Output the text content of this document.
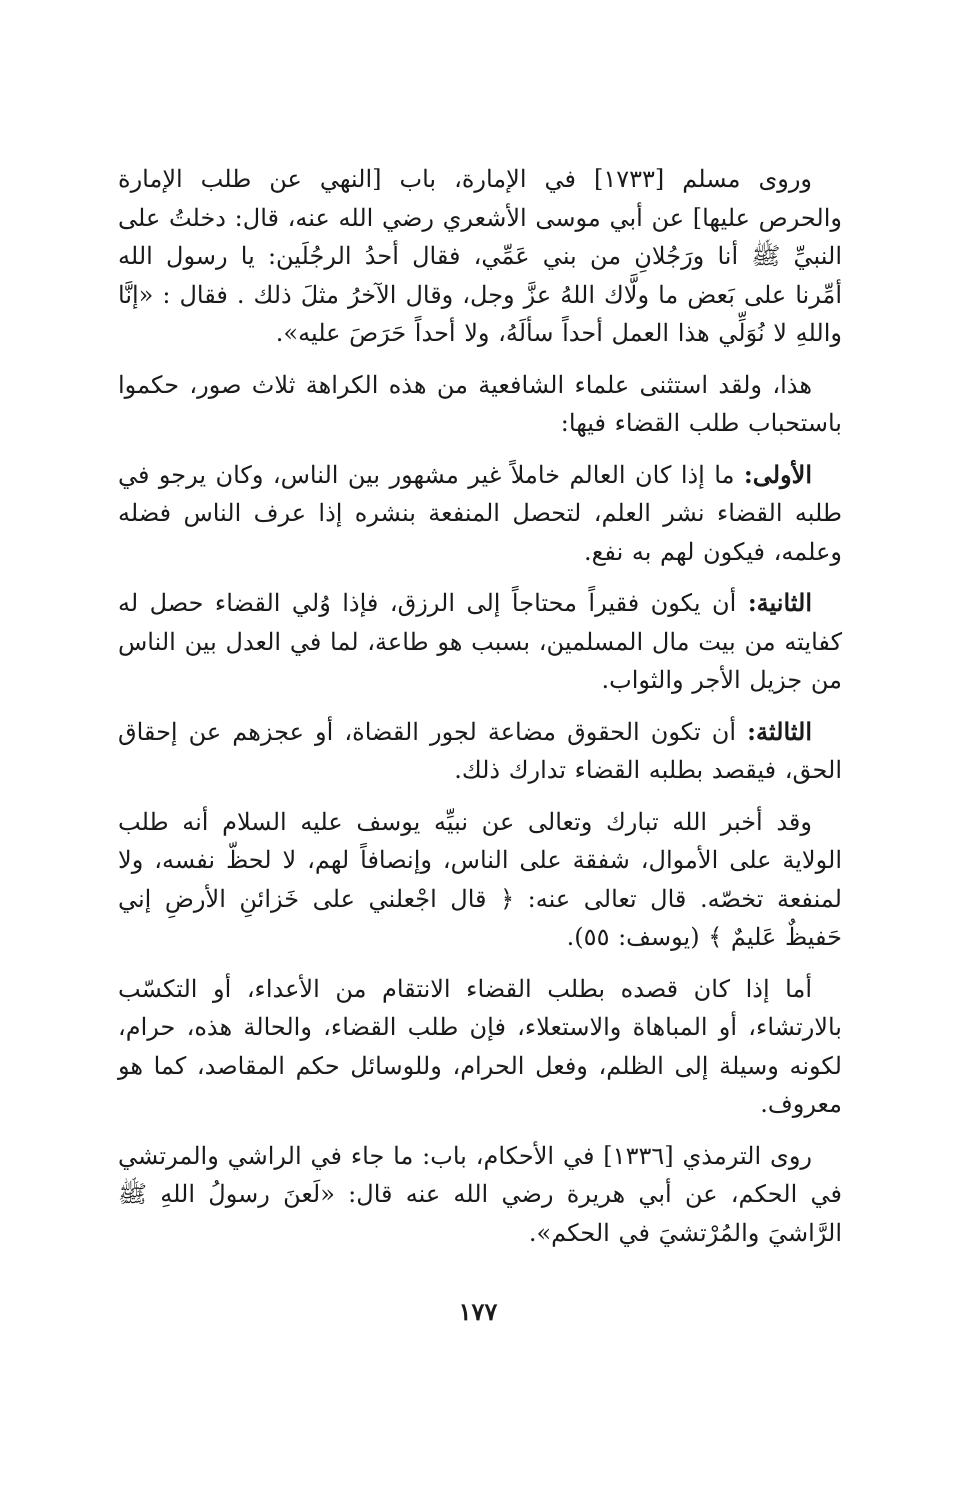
وروى مسلم [١٧٣٣] في الإمارة، باب [النهي عن طلب الإمارة والحرص عليها] عن أبي موسى الأشعري رضي الله عنه، قال: دخلتُ على النبيِّ ﷺ أنا ورَجُلانِ من بني عَمِّي، فقال أحدُ الرجُلَين: يا رسول الله أمِّرنا على بَعض ما ولَّاك اللهُ عزَّ وجل، وقال الآخرُ مثلَ ذلك . فقال : «إنَّا واللهِ لا نُوَلِّي هذا العمل أحداً سألَهُ، ولا أحداً حَرَصَ عليه».

هذا، ولقد استثنى علماء الشافعية من هذه الكراهة ثلاث صور، حكموا باستحباب طلب القضاء فيها:

الأولى: ما إذا كان العالم خاملاً غير مشهور بين الناس، وكان يرجو في طلبه القضاء نشر العلم، لتحصل المنفعة بنشره إذا عرف الناس فضله وعلمه، فيكون لهم به نفع.

الثانية: أن يكون فقيراً محتاجاً إلى الرزق، فإذا وُلي القضاء حصل له كفايته من بيت مال المسلمين، بسبب هو طاعة، لما في العدل بين الناس من جزيل الأجر والثواب.

الثالثة: أن تكون الحقوق مضاعة لجور القضاة، أو عجزهم عن إحقاق الحق، فيقصد بطلبه القضاء تدارك ذلك.

وقد أخبر الله تبارك وتعالى عن نبيِّه يوسف عليه السلام أنه طلب الولاية على الأموال، شفقة على الناس، وإنصافاً لهم، لا لحظّ نفسه، ولا لمنفعة تخصّه. قال تعالى عنه: ﴿ قال اجْعلني على خَزائنِ الأرضِ إني حَفيظٌ عَليمٌ ﴾ (يوسف: ٥٥).

أما إذا كان قصده بطلب القضاء الانتقام من الأعداء، أو التكسّب بالارتشاء، أو المباهاة والاستعلاء، فإن طلب القضاء، والحالة هذه، حرام، لكونه وسيلة إلى الظلم، وفعل الحرام، وللوسائل حكم المقاصد، كما هو معروف.

روى الترمذي [١٣٣٦] في الأحكام، باب: ما جاء في الراشي والمرتشي في الحكم، عن أبي هريرة رضي الله عنه قال: «لَعنَ رسولُ اللهِ ﷺ الرَّاشيَ والمُرْتشيَ في الحكم».

١٧٧
